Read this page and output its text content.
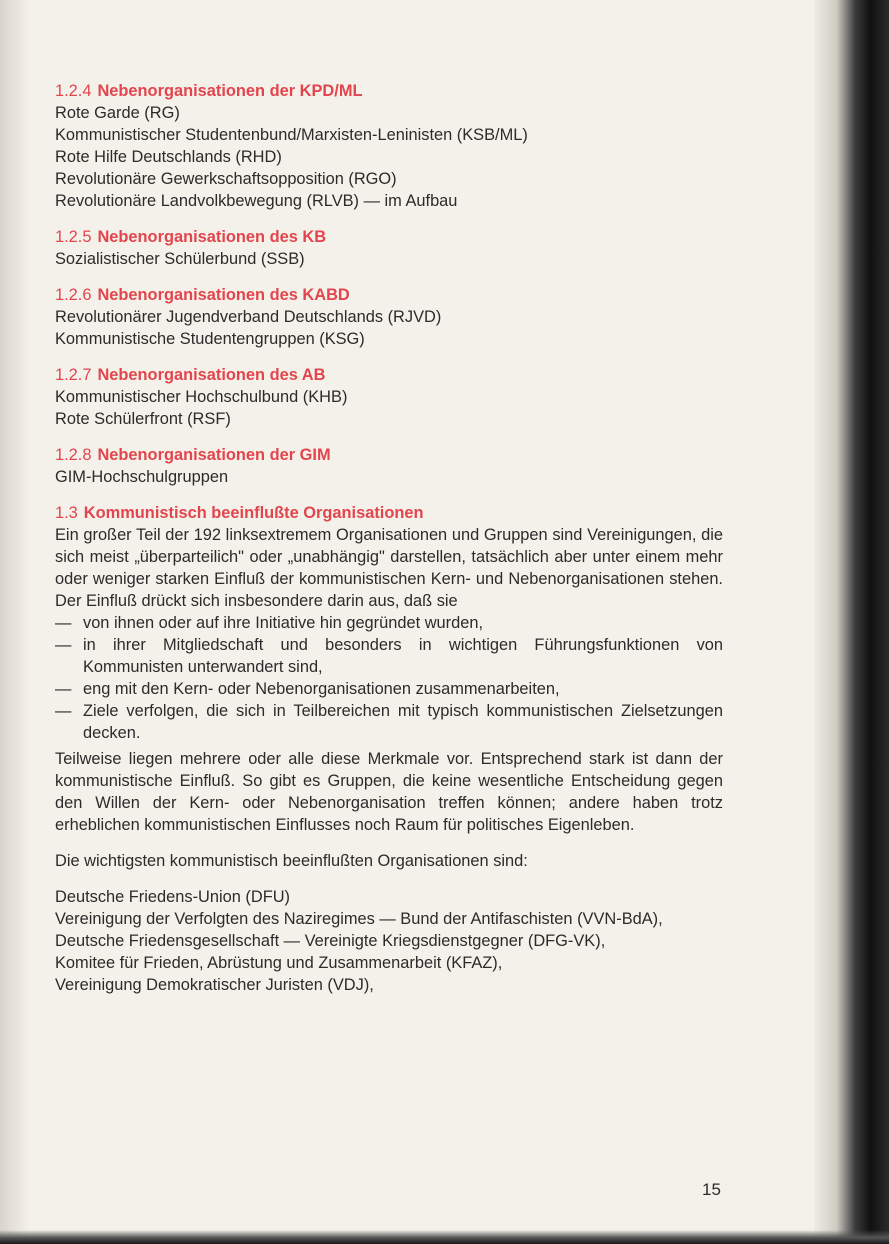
1.2.4 Nebenorganisationen der KPD/ML
Rote Garde (RG)
Kommunistischer Studentenbund/Marxisten-Leninisten (KSB/ML)
Rote Hilfe Deutschlands (RHD)
Revolutionäre Gewerkschaftsopposition (RGO)
Revolutionäre Landvolkbewegung (RLVB) — im Aufbau
1.2.5 Nebenorganisationen des KB
Sozialistischer Schülerbund (SSB)
1.2.6 Nebenorganisationen des KABD
Revolutionärer Jugendverband Deutschlands (RJVD)
Kommunistische Studentengruppen (KSG)
1.2.7 Nebenorganisationen des AB
Kommunistischer Hochschulbund (KHB)
Rote Schülerfront (RSF)
1.2.8 Nebenorganisationen der GIM
GIM-Hochschulgruppen
1.3 Kommunistisch beeinflußte Organisationen
Ein großer Teil der 192 linksextremem Organisationen und Gruppen sind Vereinigungen, die sich meist „überparteilich" oder „unabhängig" darstellen, tatsächlich aber unter einem mehr oder weniger starken Einfluß der kommunistischen Kern- und Nebenorganisationen stehen. Der Einfluß drückt sich insbesondere darin aus, daß sie
— von ihnen oder auf ihre Initiative hin gegründet wurden,
— in ihrer Mitgliedschaft und besonders in wichtigen Führungsfunktionen von Kommunisten unterwandert sind,
— eng mit den Kern- oder Nebenorganisationen zusammenarbeiten,
— Ziele verfolgen, die sich in Teilbereichen mit typisch kommunistischen Zielsetzungen decken.
Teilweise liegen mehrere oder alle diese Merkmale vor. Entsprechend stark ist dann der kommunistische Einfluß. So gibt es Gruppen, die keine wesentliche Entscheidung gegen den Willen der Kern- oder Nebenorganisation treffen können; andere haben trotz erheblichen kommunistischen Einflusses noch Raum für politisches Eigenleben.
Die wichtigsten kommunistisch beeinflußten Organisationen sind:
Deutsche Friedens-Union (DFU)
Vereinigung der Verfolgten des Naziregimes — Bund der Antifaschisten (VVN-BdA),
Deutsche Friedensgesellschaft — Vereinigte Kriegsdienstgegner (DFG-VK),
Komitee für Frieden, Abrüstung und Zusammenarbeit (KFAZ),
Vereinigung Demokratischer Juristen (VDJ),
15
